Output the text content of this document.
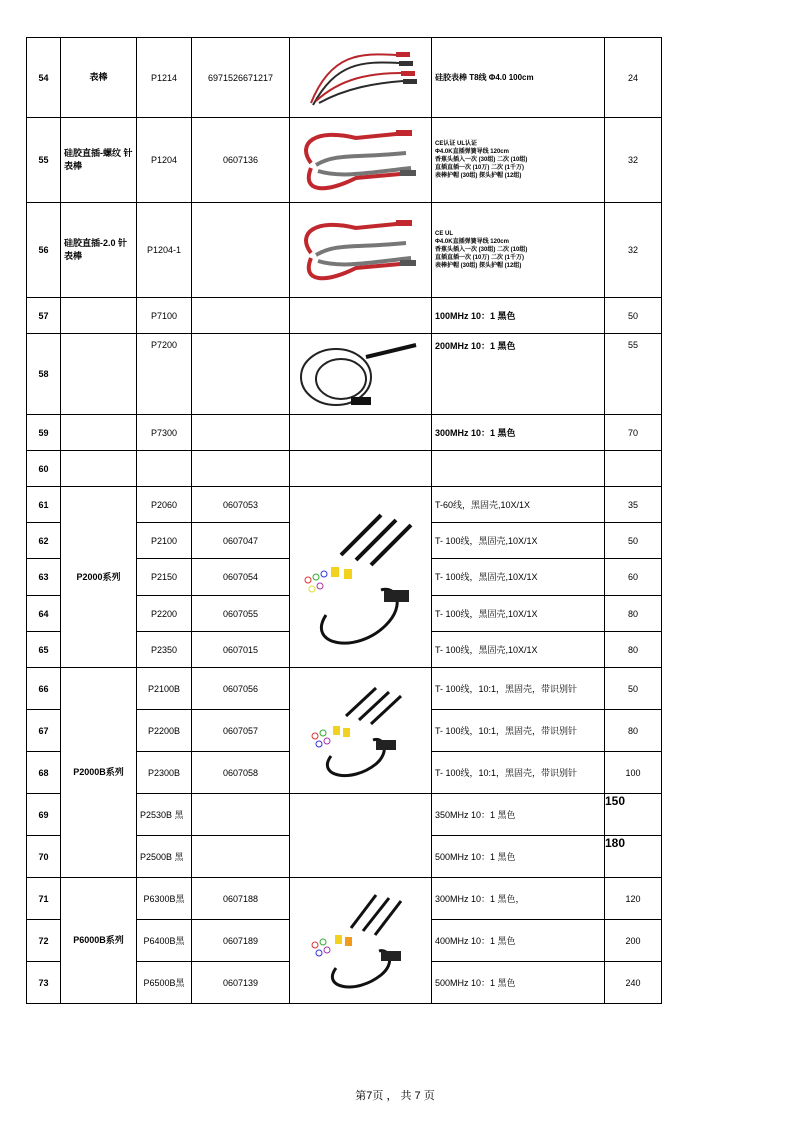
54	表棒	P1214	6971526671217		硅胶表棒 T8线 Φ4.0 100cm	24
55	硅胶直插-螺纹 针表棒	P1204	0607136		CE认证 UL认证
Φ4.0K直插弹簧导线 120cm
香蕉头插入一次 (30组) 二次 (10组)
直插直插一次 (10万) 二次 (1千万)
表棒护帽 (30组) 探头护帽 (12组)	32
56	硅胶直插-2.0 针表棒	P1204-1			CE UL
Φ4.0K直插弹簧导线 120cm
香蕉头插入一次 (30组) 二次 (10组)
直插直插一次 (10万) 二次 (1千万)
表棒护帽 (30组) 探头护帽 (12组)	32
57		P7100			100MHz 10：1 黑色	50
58		P7200			200MHz 10：1 黑色	55
59		P7300			300MHz 10：1 黑色	70
60						
61	P2000系列	P2060	0607053		T-60线，黑固壳,10X/1X	35
62		P2100	0607047		T- 100线，黑固壳,10X/1X	50
63		P2150	0607054		T- 100线，黑固壳,10X/1X	60
64		P2200	0607055		T- 100线，黑固壳,10X/1X	80
65		P2350	0607015		T- 100线，黑固壳,10X/1X	80
66	P2000B系列	P2100B	0607056		T- 100线，10:1，黑固壳，带识别针	50
67		P2200B	0607057		T- 100线，10:1，黑固壳，带识别针	80
68		P2300B	0607058		T- 100线，10:1，黑固壳，带识别针	100
69		P2530B 黑			350MHz 10：1 黑色	150
70		P2500B 黑			500MHz 10：1 黑色	180
71	P6000B系列	P6300B黑	0607188		300MHz 10：1 黑色，	120
72		P6400B黑	0607189		400MHz 10：1 黑色	200
73		P6500B黑	0607139		500MHz 10：1 黑色	240
第7页 ， 共 7 页
